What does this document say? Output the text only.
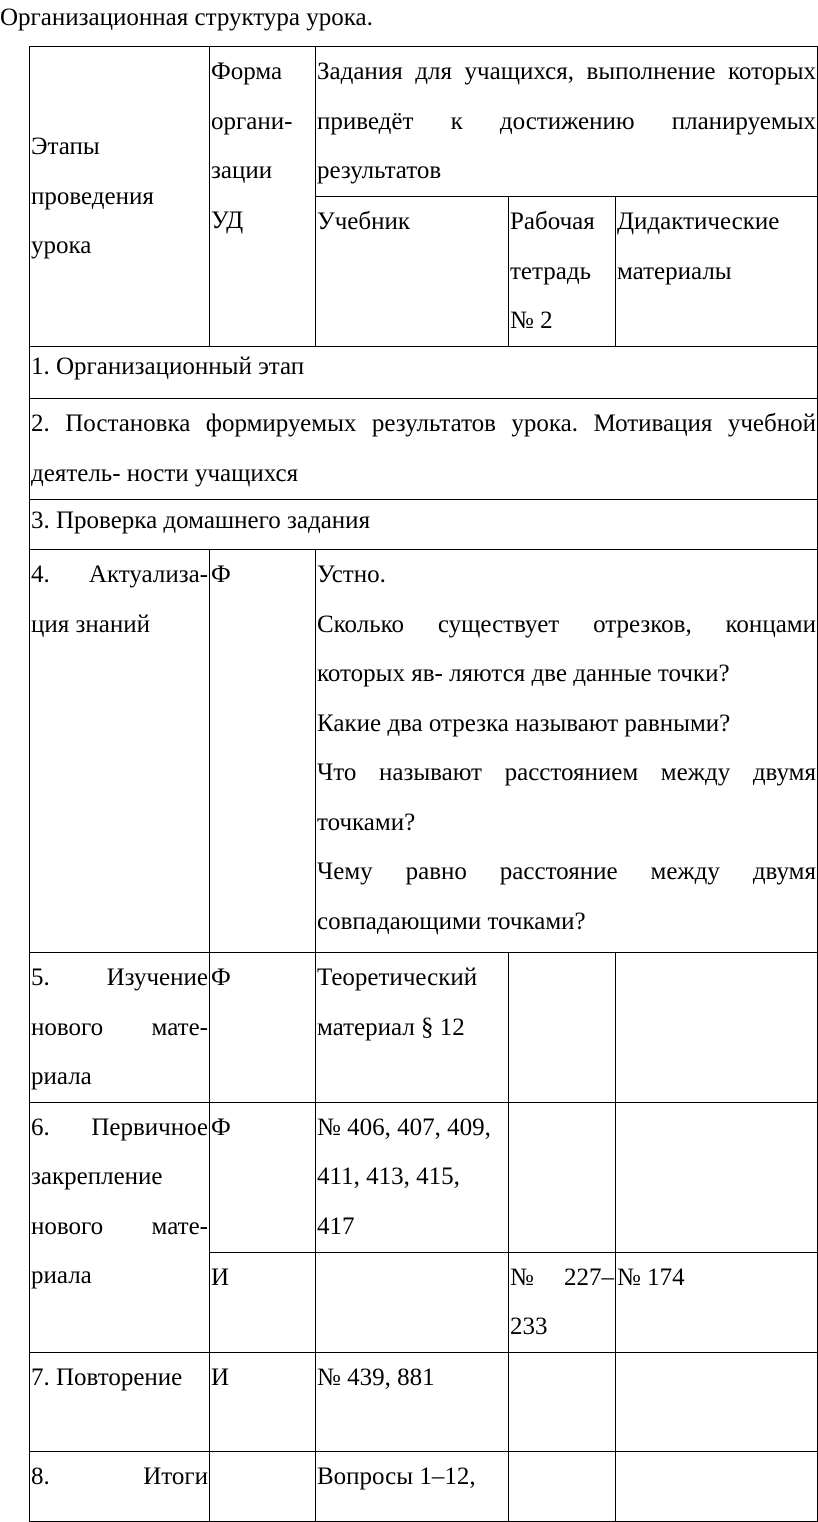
Организационная структура урока.
Этапы проведения урока	Форма органи- зации УД	Задания для учащихся, выполнение которых приведёт к достижению планируемых результатов		

		Учебник	Рабочая тетрадь № 2	Дидактические материалы

1. Организационный этап				
2. Постановка формируемых результатов урока. Мотивация учебной деятель- ности учащихся				
3. Проверка домашнего задания				

4. Актуализа- ция знаний	Ф	Устно.
Сколько существует отрезков, концами которых яв- ляются две данные точки?
Какие два отрезка называют равными?
Что называют расстоянием между двумя точками?
Чему равно расстояние между двумя совпадающими точками?		

5. Изучение нового мате- риала	Ф	Теоретический материал § 12		

6. Первичное закрепление нового мате- риала	Ф	№ 406, 407, 409, 411, 413, 415, 417		

	И		№ 227–233	№ 174

7. Повторение	И	№ 439, 881		

8. Итоги		Вопросы 1–12,		
